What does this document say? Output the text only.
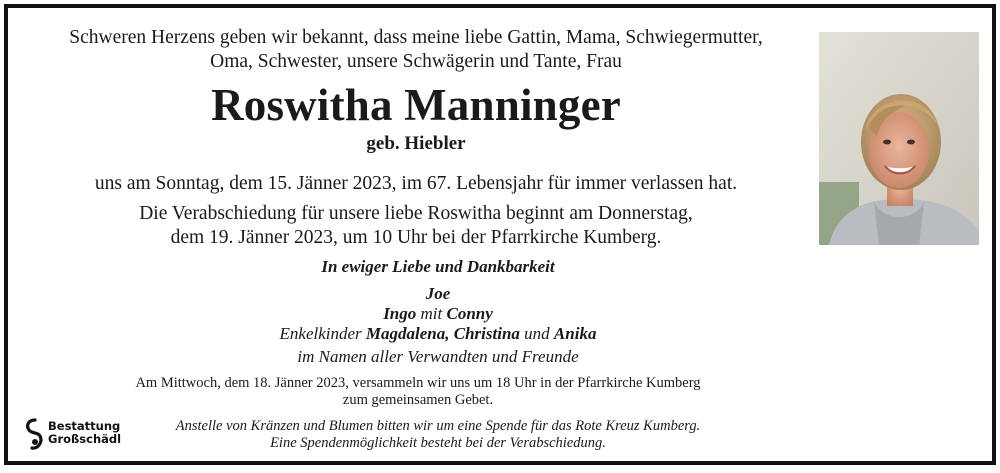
Schweren Herzens geben wir bekannt, dass meine liebe Gattin, Mama, Schwiegermutter,

Oma, Schwester, unsere Schwägerin und Tante, Frau

Roswitha Manninger

geb. Hiebler

uns am Sonntag, dem 15. Jänner 2023, im 67. Lebensjahr für immer verlassen hat.

Die Verabschiedung für unsere liebe Roswitha beginnt am Donnerstag,

dem 19. Jänner 2023, um 10 Uhr bei der Pfarrkirche Kumberg.

In ewiger Liebe und Dankbarkeit

Joe

Ingo mit Conny

Enkelkinder Magdalena, Christina und Anika

im Namen aller Verwandten und Freunde

Am Mittwoch, dem 18. Jänner 2023, versammeln wir uns um 18 Uhr in der Pfarrkirche Kumberg
zum gemeinsamen Gebet.
Anstelle von Kränzen und Blumen bitten wir um eine Spende für das Rote Kreuz Kumberg.
Eine Spendenmöglichkeit besteht bei der Verabschiedung.
Bestattung
Großschädl
